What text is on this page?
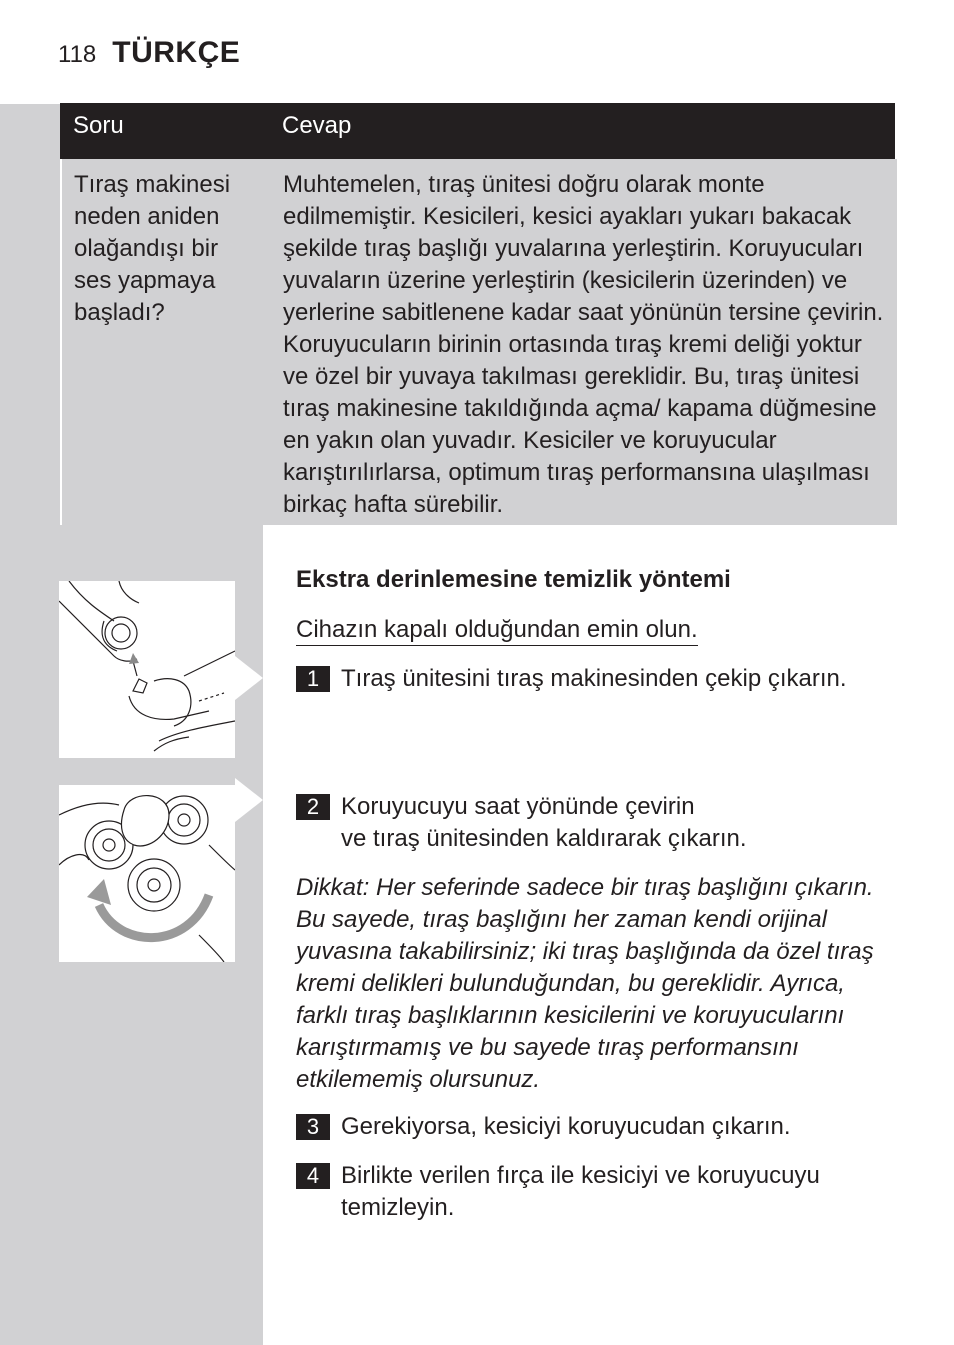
118 TÜRKÇE
Soru	Cevap
Tıraş makinesi
neden aniden
olağandışı bir
ses yapmaya
başladı?
Muhtemelen, tıraş ünitesi doğru olarak monte edilmemiştir. Kesicileri, kesici ayakları yukarı bakacak şekilde tıraş başlığı yuvalarına yerleştirin. Koruyucuları yuvaların üzerine yerleştirin (kesicilerin üzerinden) ve yerlerine sabitlenene kadar saat yönünün tersine çevirin. Koruyucuların birinin ortasında tıraş kremi deliği yoktur ve özel bir yuvaya takılması gereklidir. Bu, tıraş ünitesi tıraş makinesine takıldığında açma/ kapama düğmesine en yakın olan yuvadır. Kesiciler ve koruyucular karıştırılırlarsa, optimum tıraş performansına ulaşılması birkaç hafta sürebilir.
Ekstra derinlemesine temizlik yöntemi
Cihazın kapalı olduğundan emin olun.
1 Tıraş ünitesini tıraş makinesinden çekip çıkarın.
2 Koruyucuyu saat yönünde çevirin
ve tıraş ünitesinden kaldırarak çıkarın.
Dikkat: Her seferinde sadece bir tıraş başlığını çıkarın.
Bu sayede, tıraş başlığını her zaman kendi orijinal
yuvasına takabilirsiniz; iki tıraş başlığında da özel tıraş
kremi delikleri bulunduğundan, bu gereklidir. Ayrıca,
farklı tıraş başlıklarının kesicilerini ve koruyucularını
karıştırmamış ve bu sayede tıraş performansını
etkilememiş olursunuz.
3 Gerekiyorsa, kesiciyi koruyucudan çıkarın.
4 Birlikte verilen fırça ile kesiciyi ve koruyucuyu
temizleyin.
